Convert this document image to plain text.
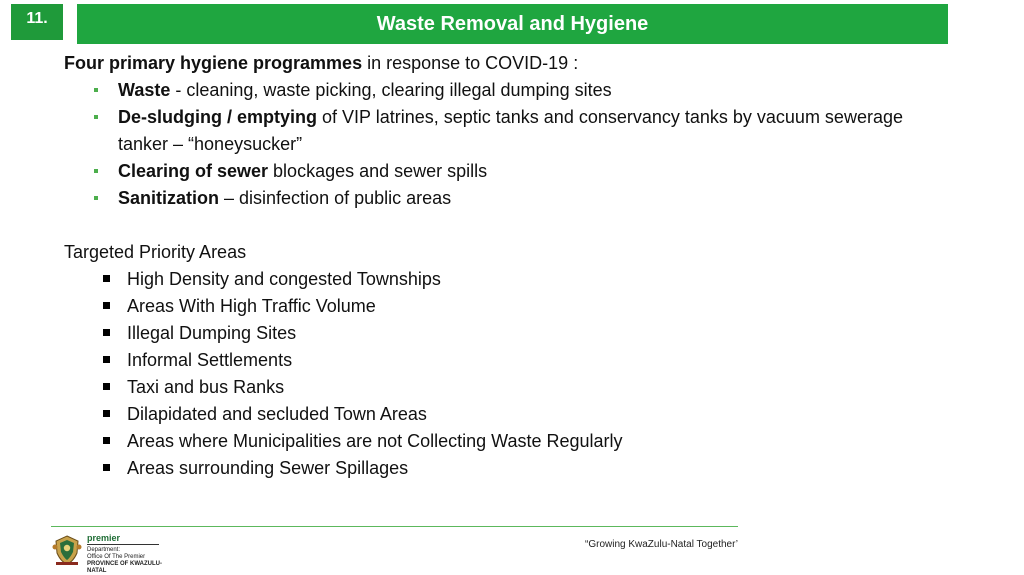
11.	Waste Removal and Hygiene

Four primary hygiene programmes in response to COVID-19 :

Waste - cleaning, waste picking, clearing illegal dumping sites
De-sludging / emptying of VIP latrines, septic tanks and conservancy tanks by vacuum sewerage tanker – “honeysucker”
Clearing of sewer blockages and sewer spills
Sanitization – disinfection of public areas
Targeted Priority Areas
High Density and congested Townships
Areas With High Traffic Volume
Illegal Dumping Sites
Informal Settlements
Taxi and bus Ranks
Dilapidated and secluded Town Areas
Areas where Municipalities are not Collecting Waste Regularly
Areas surrounding Sewer Spillages
premier
Department:
Office Of The Premier
PROVINCE OF KWAZULU-NATAL
“Growing KwaZulu-Natal Together’
